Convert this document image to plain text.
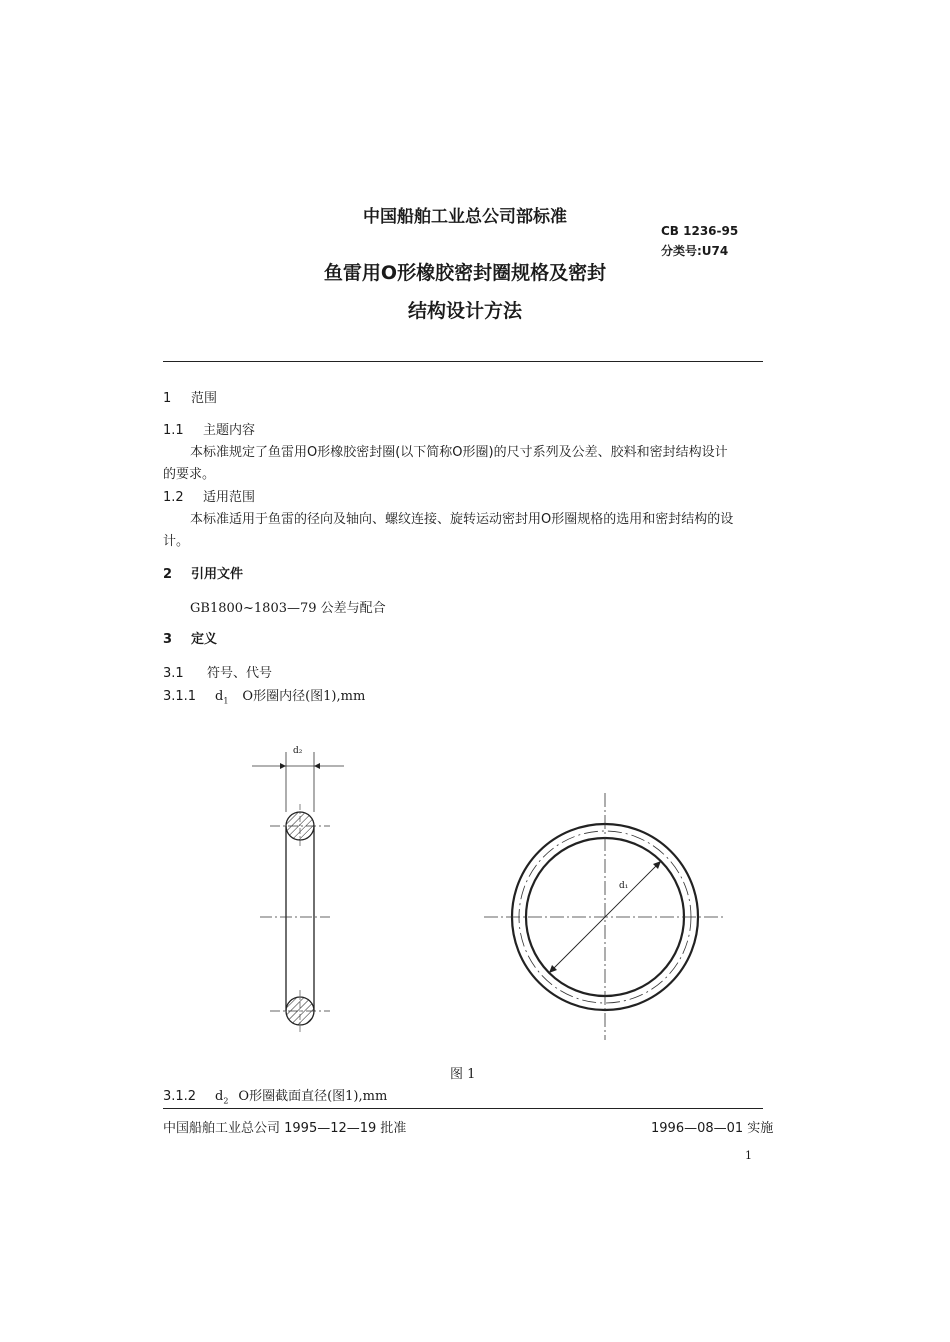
中国船舶工业总公司部标准
CB 1236-95
分类号:U74
鱼雷用O形橡胶密封圈规格及密封
结构设计方法
1 范围
1.1 主题内容
本标准规定了鱼雷用O形橡胶密封圈(以下简称O形圈)的尺寸系列及公差、胶料和密封结构设计
的要求。
1.2 适用范围
本标准适用于鱼雷的径向及轴向、螺纹连接、旋转运动密封用O形圈规格的选用和密封结构的设
计。
2 引用文件
GB1800~1803—79 公差与配合
3 定义
3.1 符号、代号
3.1.1 $d_1$ O形圈内径(图1),mm
d₂
d₁
图 1
3.1.2 $d_2$ O形圈截面直径(图1),mm
中国船舶工业总公司 1995—12—19 批准	1996—08—01 实施
1
